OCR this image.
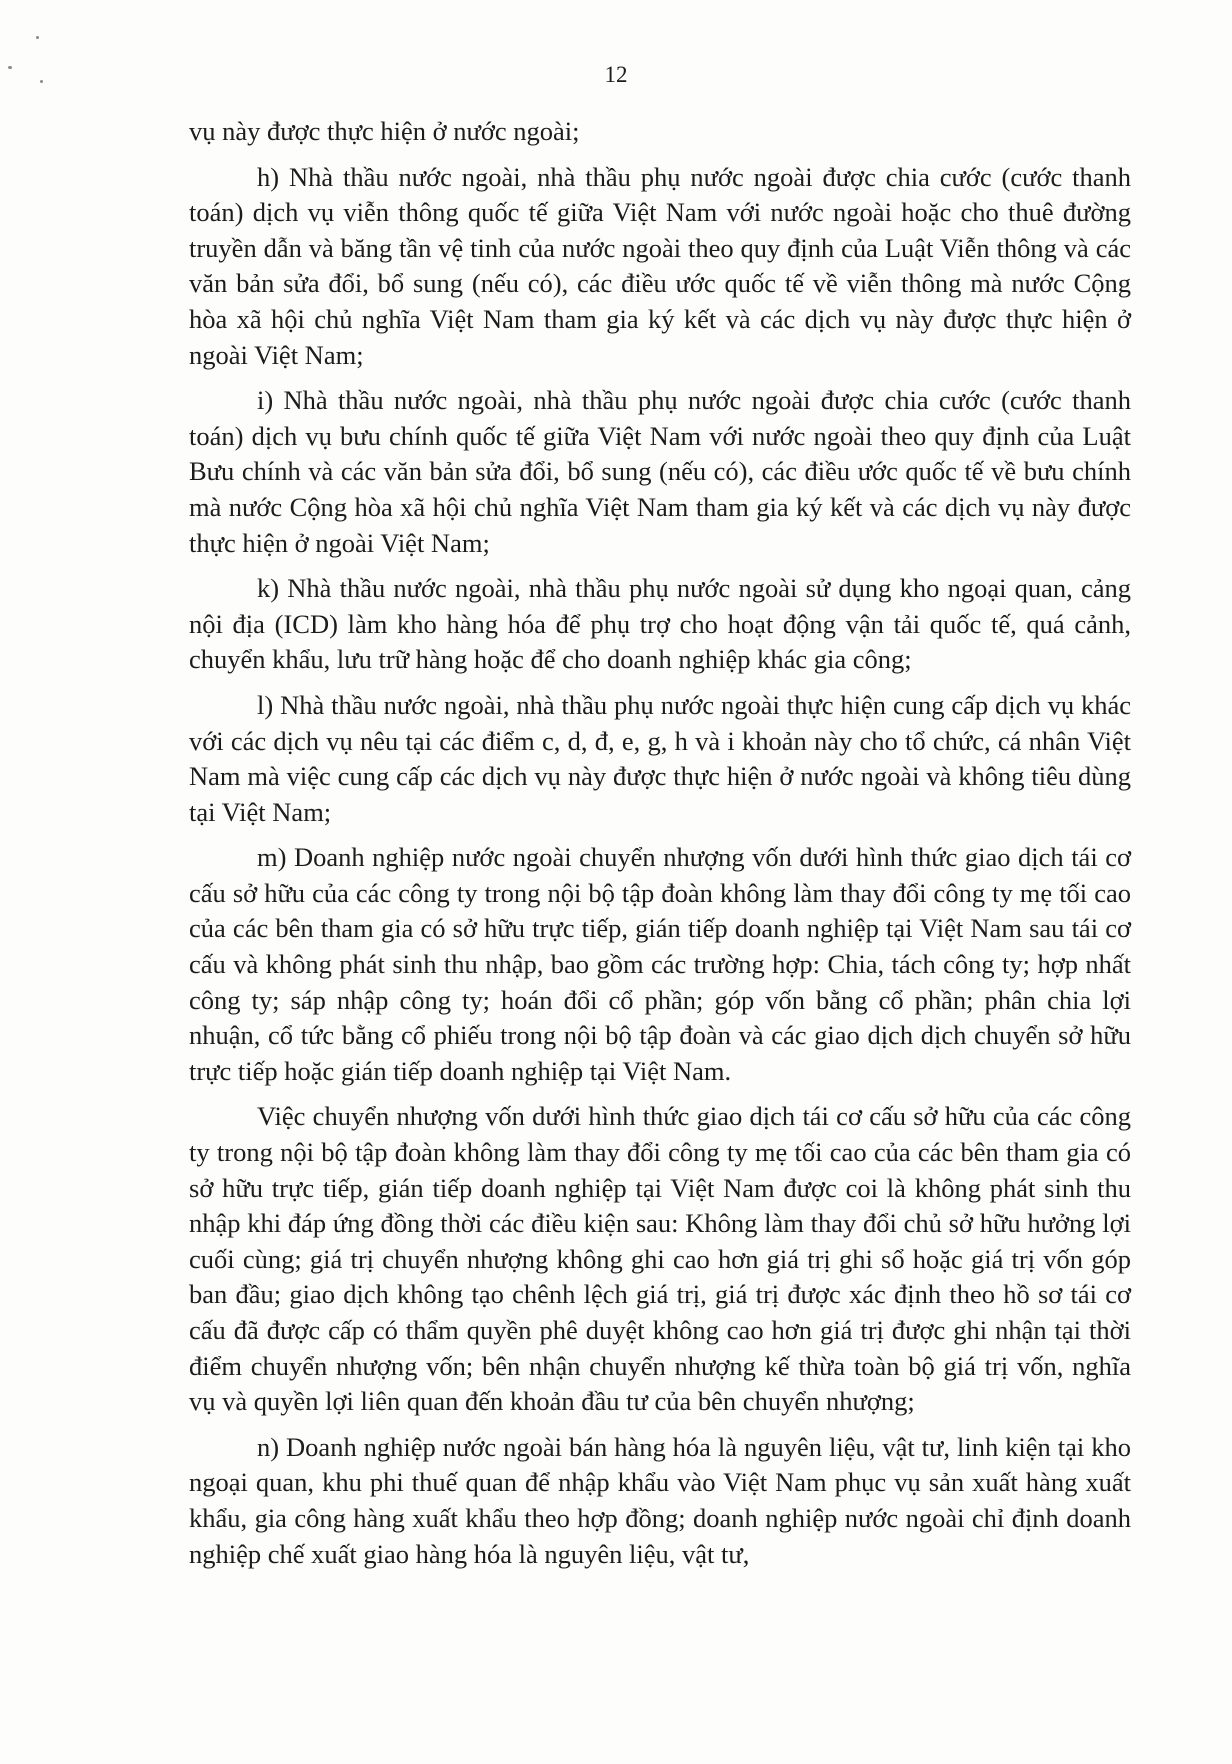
12

vụ này được thực hiện ở nước ngoài;

h) Nhà thầu nước ngoài, nhà thầu phụ nước ngoài được chia cước (cước thanh toán) dịch vụ viễn thông quốc tế giữa Việt Nam với nước ngoài hoặc cho thuê đường truyền dẫn và băng tần vệ tinh của nước ngoài theo quy định của Luật Viễn thông và các văn bản sửa đổi, bổ sung (nếu có), các điều ước quốc tế về viễn thông mà nước Cộng hòa xã hội chủ nghĩa Việt Nam tham gia ký kết và các dịch vụ này được thực hiện ở ngoài Việt Nam;

i) Nhà thầu nước ngoài, nhà thầu phụ nước ngoài được chia cước (cước thanh toán) dịch vụ bưu chính quốc tế giữa Việt Nam với nước ngoài theo quy định của Luật Bưu chính và các văn bản sửa đổi, bổ sung (nếu có), các điều ước quốc tế về bưu chính mà nước Cộng hòa xã hội chủ nghĩa Việt Nam tham gia ký kết và các dịch vụ này được thực hiện ở ngoài Việt Nam;

k) Nhà thầu nước ngoài, nhà thầu phụ nước ngoài sử dụng kho ngoại quan, cảng nội địa (ICD) làm kho hàng hóa để phụ trợ cho hoạt động vận tải quốc tế, quá cảnh, chuyển khẩu, lưu trữ hàng hoặc để cho doanh nghiệp khác gia công;

l) Nhà thầu nước ngoài, nhà thầu phụ nước ngoài thực hiện cung cấp dịch vụ khác với các dịch vụ nêu tại các điểm c, d, đ, e, g, h và i khoản này cho tổ chức, cá nhân Việt Nam mà việc cung cấp các dịch vụ này được thực hiện ở nước ngoài và không tiêu dùng tại Việt Nam;

m) Doanh nghiệp nước ngoài chuyển nhượng vốn dưới hình thức giao dịch tái cơ cấu sở hữu của các công ty trong nội bộ tập đoàn không làm thay đổi công ty mẹ tối cao của các bên tham gia có sở hữu trực tiếp, gián tiếp doanh nghiệp tại Việt Nam sau tái cơ cấu và không phát sinh thu nhập, bao gồm các trường hợp: Chia, tách công ty; hợp nhất công ty; sáp nhập công ty; hoán đổi cổ phần; góp vốn bằng cổ phần; phân chia lợi nhuận, cổ tức bằng cổ phiếu trong nội bộ tập đoàn và các giao dịch dịch chuyển sở hữu trực tiếp hoặc gián tiếp doanh nghiệp tại Việt Nam.

Việc chuyển nhượng vốn dưới hình thức giao dịch tái cơ cấu sở hữu của các công ty trong nội bộ tập đoàn không làm thay đổi công ty mẹ tối cao của các bên tham gia có sở hữu trực tiếp, gián tiếp doanh nghiệp tại Việt Nam được coi là không phát sinh thu nhập khi đáp ứng đồng thời các điều kiện sau: Không làm thay đổi chủ sở hữu hưởng lợi cuối cùng; giá trị chuyển nhượng không ghi cao hơn giá trị ghi sổ hoặc giá trị vốn góp ban đầu; giao dịch không tạo chênh lệch giá trị, giá trị được xác định theo hồ sơ tái cơ cấu đã được cấp có thẩm quyền phê duyệt không cao hơn giá trị được ghi nhận tại thời điểm chuyển nhượng vốn; bên nhận chuyển nhượng kế thừa toàn bộ giá trị vốn, nghĩa vụ và quyền lợi liên quan đến khoản đầu tư của bên chuyển nhượng;

n) Doanh nghiệp nước ngoài bán hàng hóa là nguyên liệu, vật tư, linh kiện tại kho ngoại quan, khu phi thuế quan để nhập khẩu vào Việt Nam phục vụ sản xuất hàng xuất khẩu, gia công hàng xuất khẩu theo hợp đồng; doanh nghiệp nước ngoài chỉ định doanh nghiệp chế xuất giao hàng hóa là nguyên liệu, vật tư,
